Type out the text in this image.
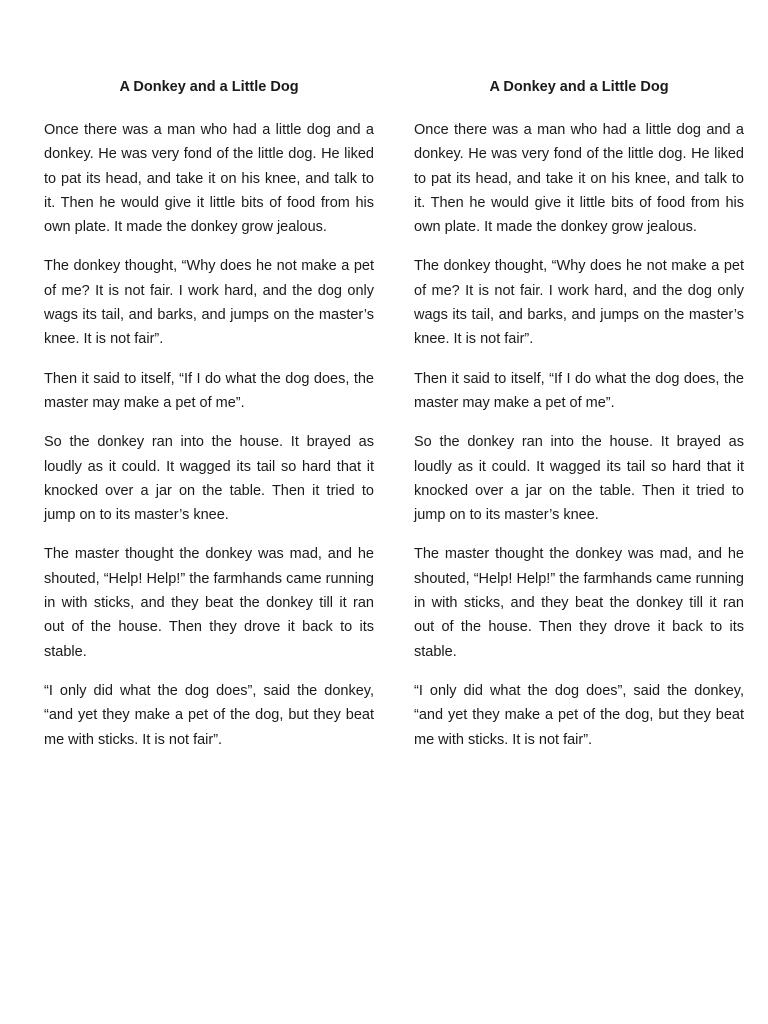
A Donkey and a Little Dog

Once there was a man who had a little dog and a donkey. He was very fond of the little dog. He liked to pat its head, and take it on his knee, and talk to it. Then he would give it little bits of food from his own plate. It made the donkey grow jealous.

The donkey thought, “Why does he not make a pet of me? It is not fair. I work hard, and the dog only wags its tail, and barks, and jumps on the master’s knee. It is not fair”.

Then it said to itself, “If I do what the dog does, the master may make a pet of me”.

So the donkey ran into the house. It brayed as loudly as it could. It wagged its tail so hard that it knocked over a jar on the table. Then it tried to jump on to its master’s knee.

The master thought the donkey was mad, and he shouted, “Help! Help!” the farmhands came running in with sticks, and they beat the donkey till it ran out of the house. Then they drove it back to its stable.

“I only did what the dog does”, said the donkey, “and yet they make a pet of the dog, but they beat me with sticks. It is not fair”.

A Donkey and a Little Dog

Once there was a man who had a little dog and a donkey. He was very fond of the little dog. He liked to pat its head, and take it on his knee, and talk to it. Then he would give it little bits of food from his own plate. It made the donkey grow jealous.

The donkey thought, “Why does he not make a pet of me? It is not fair. I work hard, and the dog only wags its tail, and barks, and jumps on the master’s knee. It is not fair”.

Then it said to itself, “If I do what the dog does, the master may make a pet of me”.

So the donkey ran into the house. It brayed as loudly as it could. It wagged its tail so hard that it knocked over a jar on the table. Then it tried to jump on to its master’s knee.

The master thought the donkey was mad, and he shouted, “Help! Help!” the farmhands came running in with sticks, and they beat the donkey till it ran out of the house. Then they drove it back to its stable.

“I only did what the dog does”, said the donkey, “and yet they make a pet of the dog, but they beat me with sticks. It is not fair”.
